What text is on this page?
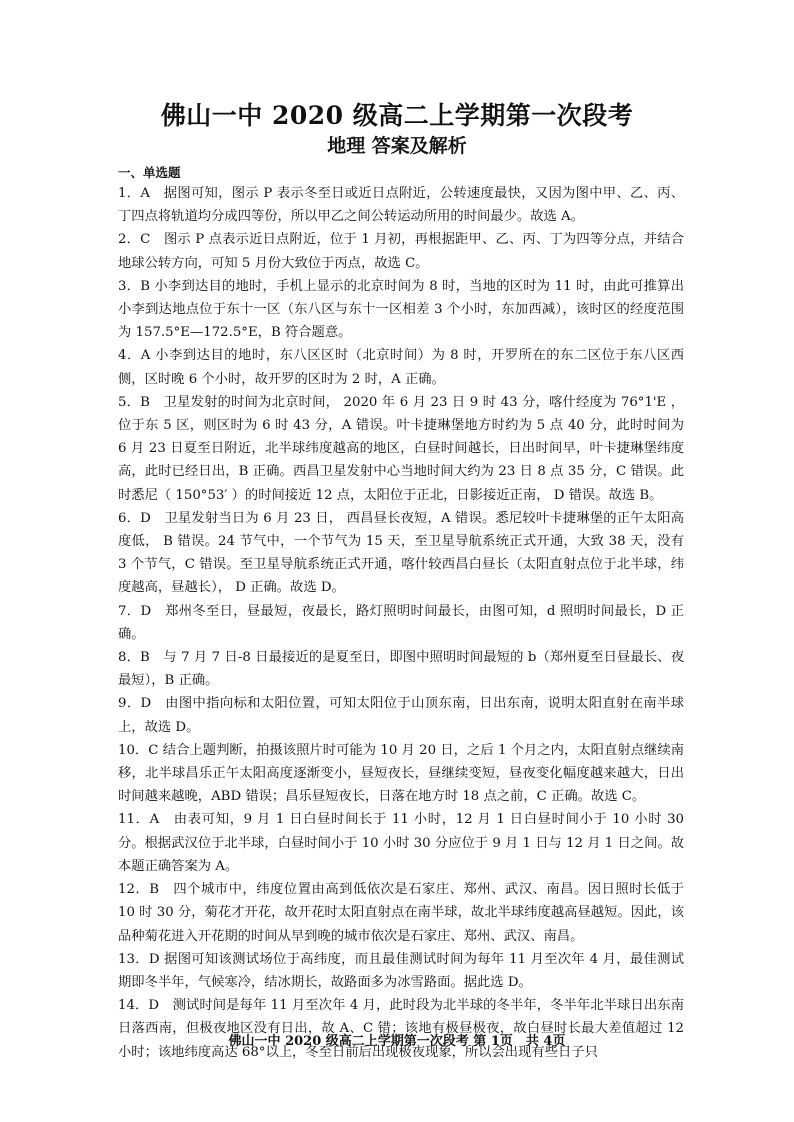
佛山一中 2020 级高二上学期第一次段考
地理 答案及解析
一、单选题

1．A　据图可知，图示 P 表示冬至日或近日点附近，公转速度最快，又因为图中甲、乙、丙、丁四点将轨道均分成四等份，所以甲乙之间公转运动所用的时间最少。故选 A。

2．C　图示 P 点表示近日点附近，位于 1 月初，再根据距甲、乙、丙、丁为四等分点，并结合地球公转方向，可知 5 月份大致位于丙点，故选 C。

3．B 小李到达目的地时，手机上显示的北京时间为 8 时，当地的区时为 11 时，由此可推算出小李到达地点位于东十一区（东八区与东十一区相差 3 个小时，东加西减），该时区的经度范围为 157.5°E—172.5°E，B 符合题意。

4．A 小李到达目的地时，东八区区时（北京时间）为 8 时，开罗所在的东二区位于东八区西侧，区时晚 6 个小时，故开罗的区时为 2 时，A 正确。

5．B　卫星发射的时间为北京时间， 2020 年 6 月 23 日 9 时 43 分，喀什经度为 76°1'E ，位于东 5 区，则区时为 6 时 43 分，A 错误。叶卡捷琳堡地方时约为 5 点 40 分，此时时间为 6 月 23 日夏至日附近，北半球纬度越高的地区，白昼时间越长，日出时间早，叶卡捷琳堡纬度高，此时已经日出，B 正确。西昌卫星发射中心当地时间大约为 23 日 8 点 35 分，C 错误。此时悉尼（ 150°53′ ）的时间接近 12 点，太阳位于正北，日影接近正南， D 错误。故选 B。

6．D　卫星发射当日为 6 月 23 日， 西昌昼长夜短，A 错误。悉尼较叶卡捷琳堡的正午太阳高度低， B 错误。24 节气中，一个节气为 15 天，至卫星导航系统正式开通，大致 38 天，没有 3 个节气，C 错误。至卫星导航系统正式开通，喀什较西昌白昼长（太阳直射点位于北半球，纬度越高，昼越长）， D 正确。故选 D。

7．D　郑州冬至日，昼最短，夜最长，路灯照明时间最长，由图可知，d 照明时间最长，D 正确。

8．B　与 7 月 7 日-8 日最接近的是夏至日，即图中照明时间最短的 b（郑州夏至日昼最长、夜最短），B 正确。

9．D　由图中指向标和太阳位置，可知太阳位于山顶东南，日出东南，说明太阳直射在南半球上，故选 D。

10．C 结合上题判断，拍摄该照片时可能为 10 月 20 日，之后 1 个月之内，太阳直射点继续南移，北半球昌乐正午太阳高度逐渐变小，昼短夜长，昼继续变短，昼夜变化幅度越来越大，日出时间越来越晚，ABD 错误；昌乐昼短夜长，日落在地方时 18 点之前，C 正确。故选 C。

11．A　由表可知，9 月 1 日白昼时间长于 11 小时，12 月 1 日白昼时间小于 10 小时 30 分。根据武汉位于北半球，白昼时间小于 10 小时 30 分应位于 9 月 1 日与 12 月 1 日之间。故本题正确答案为 A。

12．B　四个城市中，纬度位置由高到低依次是石家庄、郑州、武汉、南昌。因日照时长低于 10 时 30 分，菊花才开花，故开花时太阳直射点在南半球，故北半球纬度越高昼越短。因此，该品种菊花进入开花期的时间从早到晚的城市依次是石家庄、郑州、武汉、南昌。

13．D 据图可知该测试场位于高纬度，而且最佳测试时间为每年 11 月至次年 4 月，最佳测试期即冬半年，气候寒冷，结冰期长，故路面多为冰雪路面。据此选 D。

14．D　测试时间是每年 11 月至次年 4 月，此时段为北半球的冬半年，冬半年北半球日出东南日落西南，但极夜地区没有日出，故 A、C 错；该地有极昼极夜，故白昼时长最大差值超过 12 小时；该地纬度高达 68°以上，冬至日前后出现极夜现象，所以会出现有些日子只

佛山一中 2020 级高二上学期第一次段考 第 1页　共 4页
